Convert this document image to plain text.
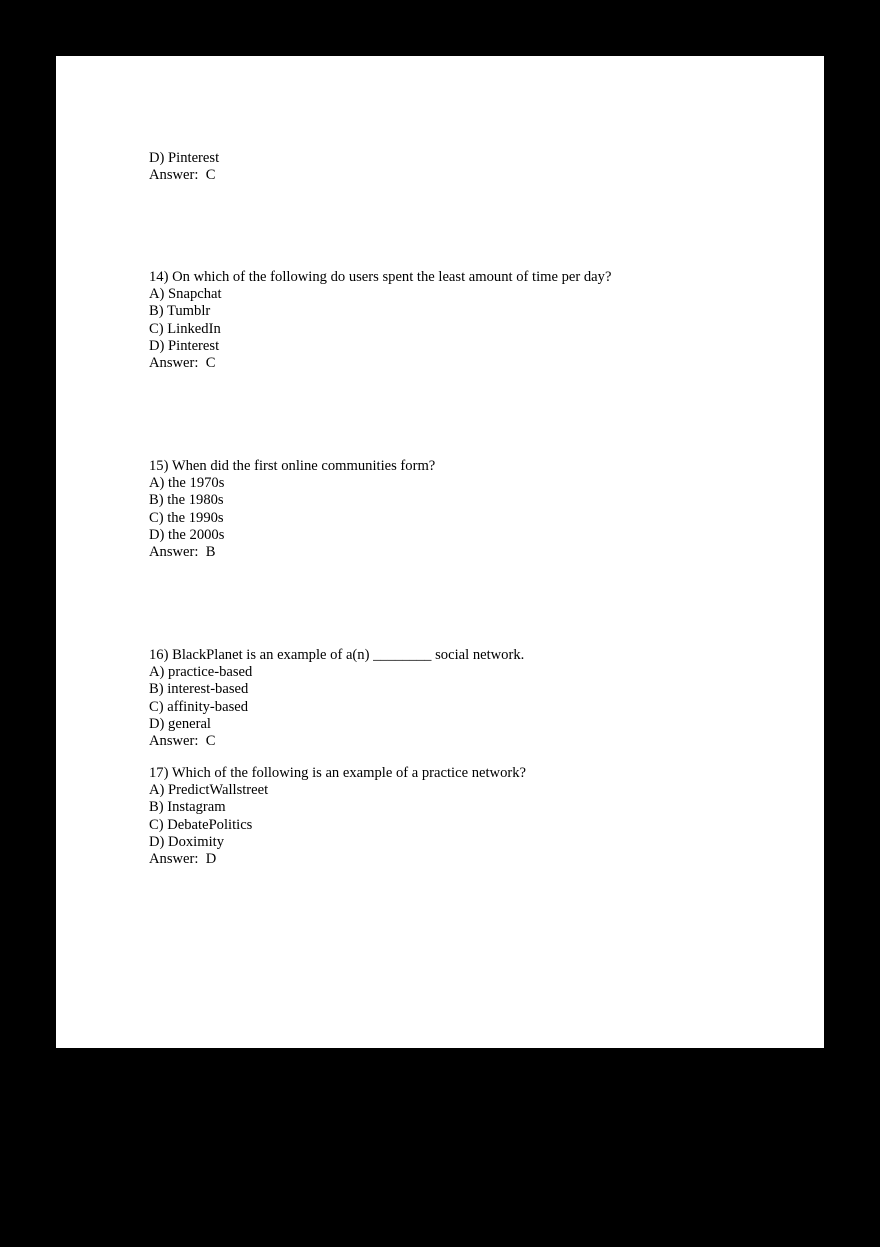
D) Pinterest
Answer:  C
14) On which of the following do users spent the least amount of time per day?
A) Snapchat
B) Tumblr
C) LinkedIn
D) Pinterest
Answer:  C
15) When did the first online communities form?
A) the 1970s
B) the 1980s
C) the 1990s
D) the 2000s
Answer:  B
16) BlackPlanet is an example of a(n) ________ social network.
A) practice-based
B) interest-based
C) affinity-based
D) general
Answer:  C
17) Which of the following is an example of a practice network?
A) PredictWallstreet
B) Instagram
C) DebatePolitics
D) Doximity
Answer:  D
